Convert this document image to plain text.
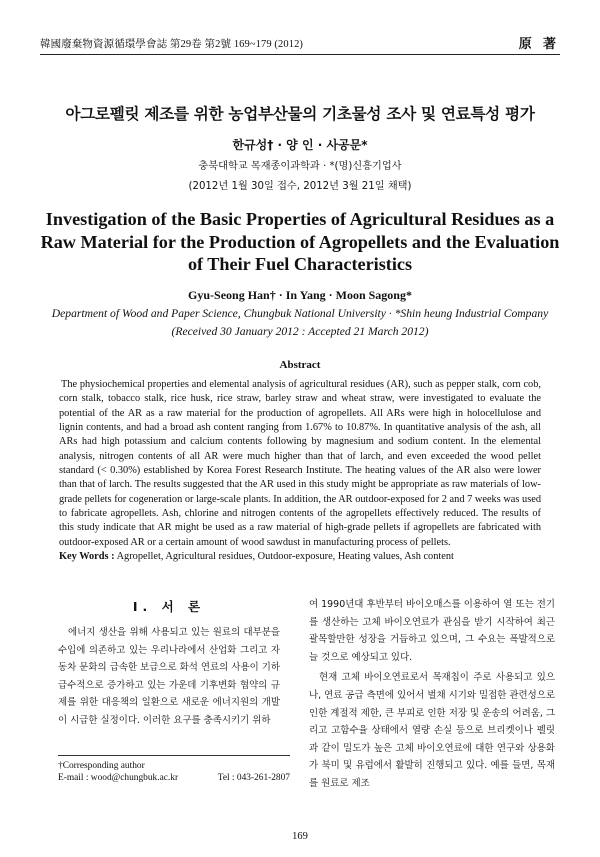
韓國廢棄物資源循環學會誌 第29卷 第2號 169~179 (2012)	原 著
아그로펠릿 제조를 위한 농업부산물의 기초물성 조사 및 연료특성 평가
한규성† · 양 인 · 사공문*
충북대학교 목재종이과학과 · *(명)신흥기업사
(2012년 1월 30일 접수, 2012년 3월 21일 채택)
Investigation of the Basic Properties of Agricultural Residues as a Raw Material for the Production of Agropellets and the Evaluation of Their Fuel Characteristics
Gyu-Seong Han† · In Yang · Moon Sagong*
Department of Wood and Paper Science, Chungbuk National University · *Shin heung Industrial Company
(Received 30 January 2012 : Accepted 21 March 2012)
Abstract
The physiochemical properties and elemental analysis of agricultural residues (AR), such as pepper stalk, corn cob, corn stalk, tobacco stalk, rice husk, rice straw, barley straw and wheat straw, were investigated to evaluate the potential of the AR as a raw material for the production of agropellets. All ARs were high in holocellulose and lignin contents, and had a broad ash content ranging from 1.67% to 10.87%. In quantitative analysis of the ash, all ARs had high potassium and calcium contents following by magnesium and sodium content. In the elemental analysis, nitrogen contents of all AR were much higher than that of larch, and even exceeded the wood pellet standard (< 0.30%) established by Korea Forest Research Institute. The heating values of the AR also were lower than that of larch. The results suggested that the AR used in this study might be appropriate as raw materials of low-grade pellets for cogeneration or large-scale plants. In addition, the AR outdoor-exposed for 2 and 7 weeks was used to fabricate agropellets. Ash, chlorine and nitrogen contents of the agropellets effectively reduced. The results of this study indicate that AR might be used as a raw material of high-grade pellets if agropellets are fabricated with outdoor-exposed AR or a certain amount of wood sawdust in manufacturing process of pellets.
Key Words : Agropellet, Agricultural residues, Outdoor-exposure, Heating values, Ash content
I. 서 론

에너지 생산을 위해 사용되고 있는 원료의 대부분을 수입에 의존하고 있는 우리나라에서 산업화 그리고 자동차 문화의 급속한 보급으로 화석 연료의 사용이 기하급수적으로 증가하고 있는 가운데 기후변화 협약의 규제를 위한 대응책의 일환으로 새로운 에너지원의 개발이 시급한 실정이다. 이러한 요구를 충족시키기 위하

여 1990년대 후반부터 바이오매스를 이용하여 열 또는 전기를 생산하는 고체 바이오연료가 관심을 받기 시작하여 최근 괄목할만한 성장을 거듭하고 있으며, 그 수요는 폭발적으로 늘 것으로 예상되고 있다.

현재 고체 바이오연료로서 목재칩이 주로 사용되고 있으나, 연료 공급 측면에 있어서 벌채 시기와 밀접한 관련성으로 인한 계절적 제한, 큰 부피로 인한 저장 및 운송의 어려움, 그리고 고함수율 상태에서 열량 손실 등으로 브리켓이나 펠릿과 같이 밀도가 높은 고체 바이오연료에 대한 연구와 상용화가 북미 및 유럽에서 활발히 진행되고 있다. 예를 들면, 목재를 원료로 제조

†Corresponding author
E-mail : wood@chungbuk.ac.kr	Tel : 043-261-2807
169
